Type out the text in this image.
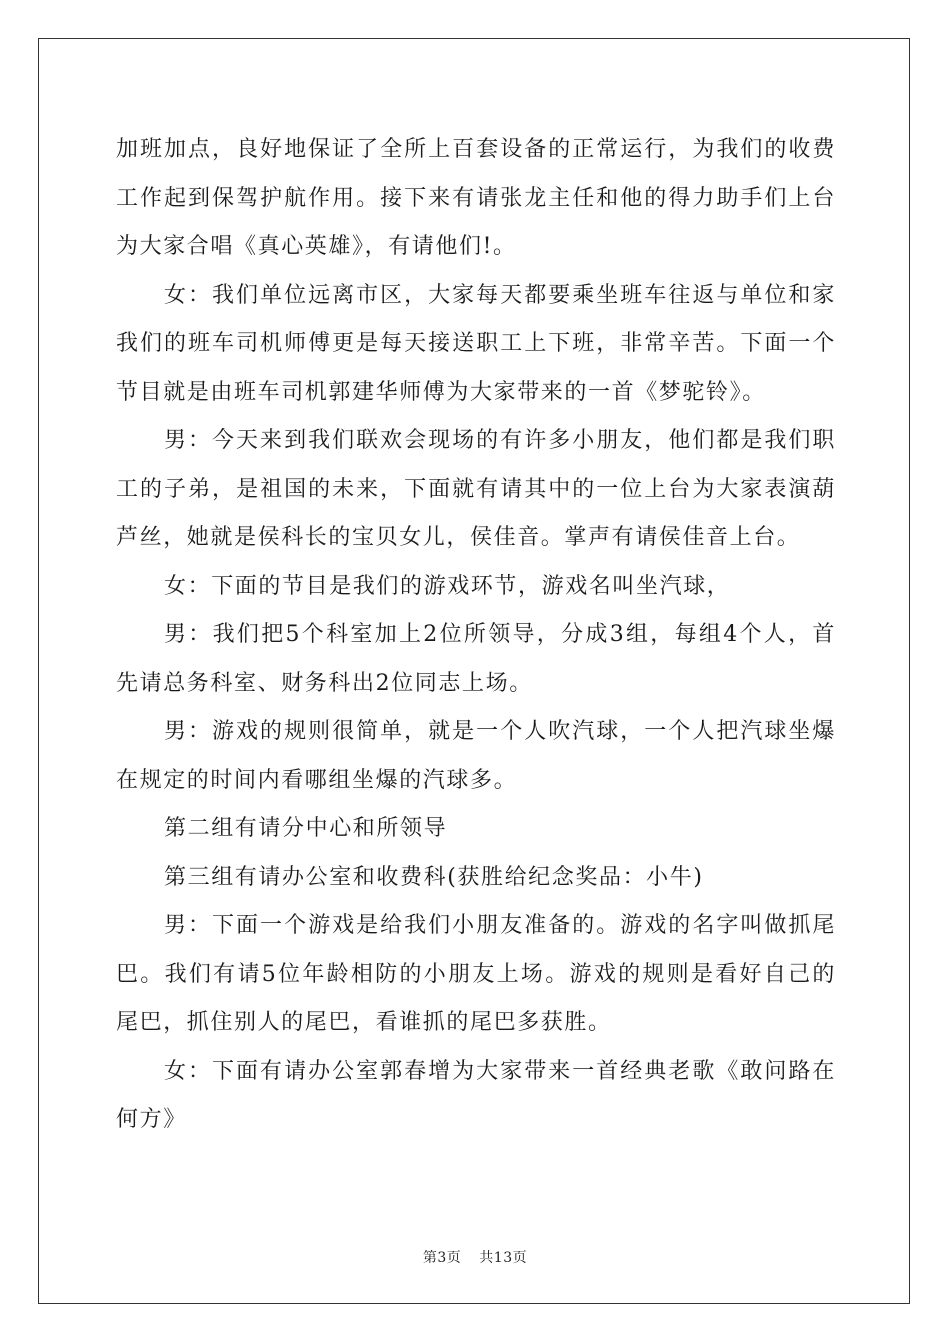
加班加点，良好地保证了全所上百套设备的正常运行，为我们的收费工作起到保驾护航作用。接下来有请张龙主任和他的得力助手们上台为大家合唱《真心英雄》，有请他们!。

女：我们单位远离市区，大家每天都要乘坐班车往返与单位和家我们的班车司机师傅更是每天接送职工上下班，非常辛苦。下面一个节目就是由班车司机郭建华师傅为大家带来的一首《梦驼铃》。

男：今天来到我们联欢会现场的有许多小朋友，他们都是我们职工的子弟，是祖国的未来，下面就有请其中的一位上台为大家表演葫芦丝，她就是侯科长的宝贝女儿，侯佳音。掌声有请侯佳音上台。

女：下面的节目是我们的游戏环节，游戏名叫坐汽球，

男：我们把5个科室加上2位所领导，分成3组，每组4个人，首先请总务科室、财务科出2位同志上场。

男：游戏的规则很简单，就是一个人吹汽球，一个人把汽球坐爆在规定的时间内看哪组坐爆的汽球多。

第二组有请分中心和所领导

第三组有请办公室和收费科(获胜给纪念奖品：小牛)

男：下面一个游戏是给我们小朋友准备的。游戏的名字叫做抓尾巴。我们有请5位年龄相防的小朋友上场。游戏的规则是看好自己的尾巴，抓住别人的尾巴，看谁抓的尾巴多获胜。

女：下面有请办公室郭春增为大家带来一首经典老歌《敢问路在何方》

第3页 共13页
